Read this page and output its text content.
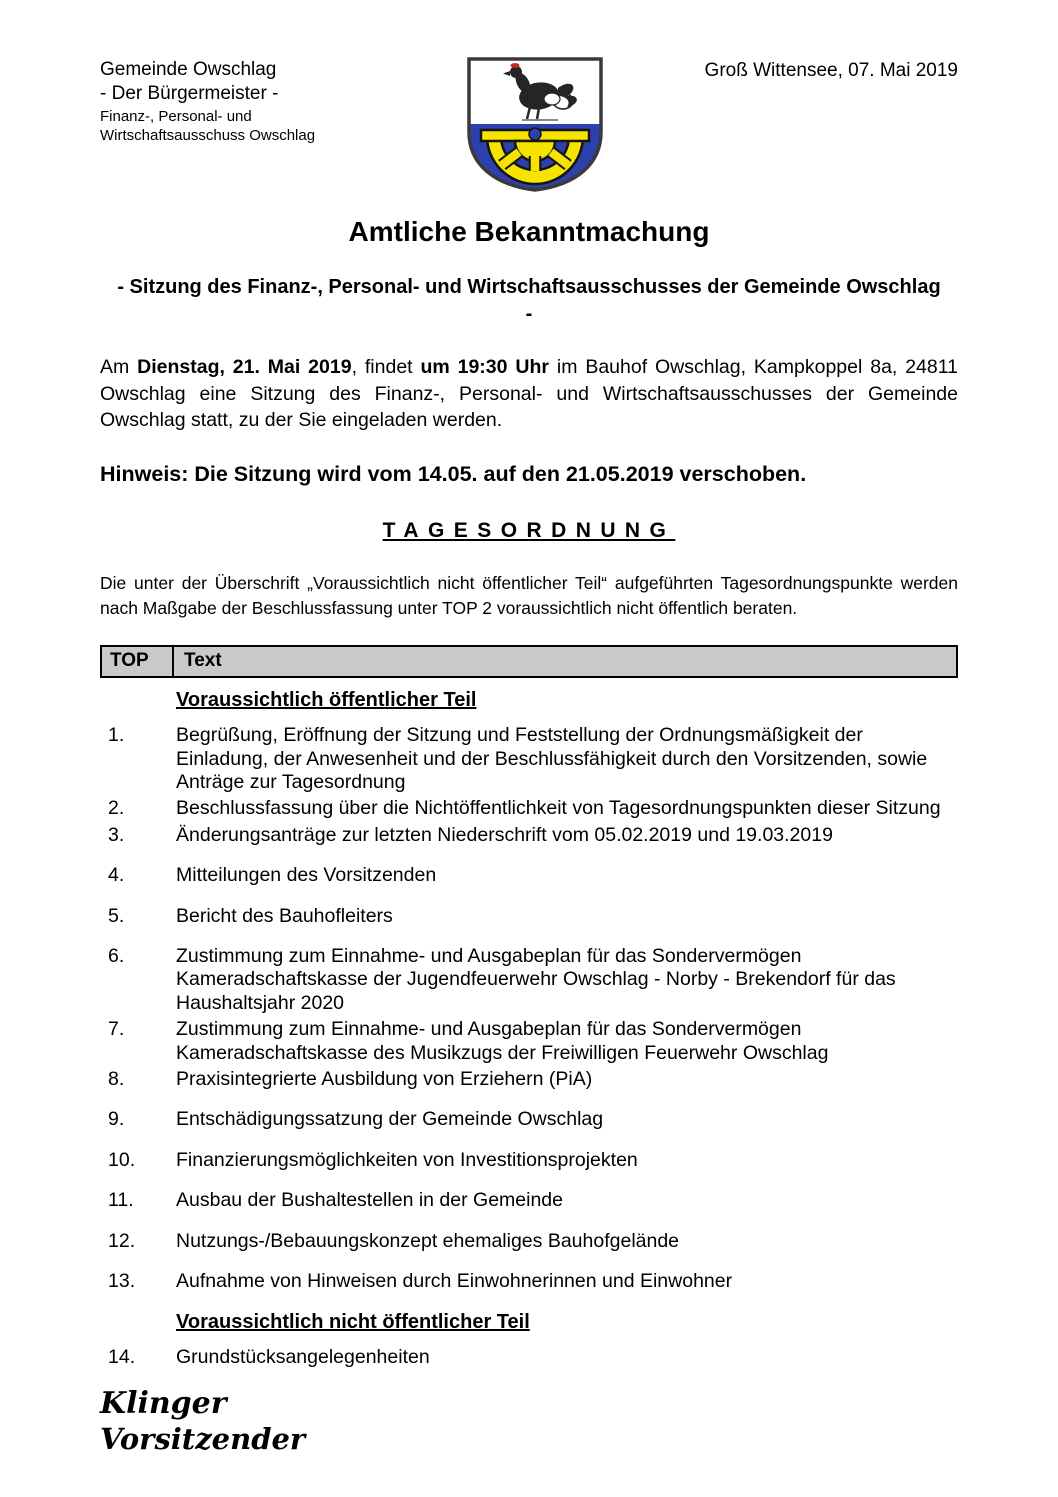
Gemeinde Owschlag
- Der Bürgermeister -
Finanz-, Personal- und
Wirtschaftsausschuss Owschlag
Groß Wittensee, 07. Mai 2019
Amtliche Bekanntmachung
- Sitzung des Finanz-, Personal- und Wirtschaftsausschusses der Gemeinde Owschlag -

Am Dienstag, 21. Mai 2019, findet um 19:30 Uhr im Bauhof Owschlag, Kampkoppel 8a, 24811 Owschlag eine Sitzung des Finanz-, Personal- und Wirtschaftsausschusses der Gemeinde Owschlag statt, zu der Sie eingeladen werden.

Hinweis: Die Sitzung wird vom 14.05. auf den 21.05.2019 verschoben.

TAGESORDNUNG

Die unter der Überschrift „Voraussichtlich nicht öffentlicher Teil“ aufgeführten Tagesordnungspunkte werden nach Maßgabe der Beschlussfassung unter TOP 2 voraussichtlich nicht öffentlich beraten.

TOP	Text
Voraussichtlich öffentlicher Teil
1.	Begrüßung, Eröffnung der Sitzung und Feststellung der Ordnungsmäßigkeit der Einladung, der Anwesenheit und der Beschlussfähigkeit durch den Vorsitzenden, sowie Anträge zur Tagesordnung
2.	Beschlussfassung über die Nichtöffentlichkeit von Tagesordnungspunkten dieser Sitzung
3.	Änderungsanträge zur letzten Niederschrift vom 05.02.2019 und 19.03.2019
4.	Mitteilungen des Vorsitzenden
5.	Bericht des Bauhofleiters
6.	Zustimmung zum Einnahme- und Ausgabeplan für das Sondervermögen Kameradschaftskasse der Jugendfeuerwehr Owschlag - Norby - Brekendorf für das Haushaltsjahr 2020
7.	Zustimmung zum Einnahme- und Ausgabeplan für das Sondervermögen Kameradschaftskasse des Musikzugs der Freiwilligen Feuerwehr Owschlag
8.	Praxisintegrierte Ausbildung von Erziehern (PiA)
9.	Entschädigungssatzung der Gemeinde Owschlag
10.	Finanzierungsmöglichkeiten von Investitionsprojekten
11.	Ausbau der Bushaltestellen in der Gemeinde
12.	Nutzungs-/Bebauungskonzept ehemaliges Bauhofgelände
13.	Aufnahme von Hinweisen durch Einwohnerinnen und Einwohner
Voraussichtlich nicht öffentlicher Teil
14.	Grundstücksangelegenheiten
Klinger
Vorsitzender
